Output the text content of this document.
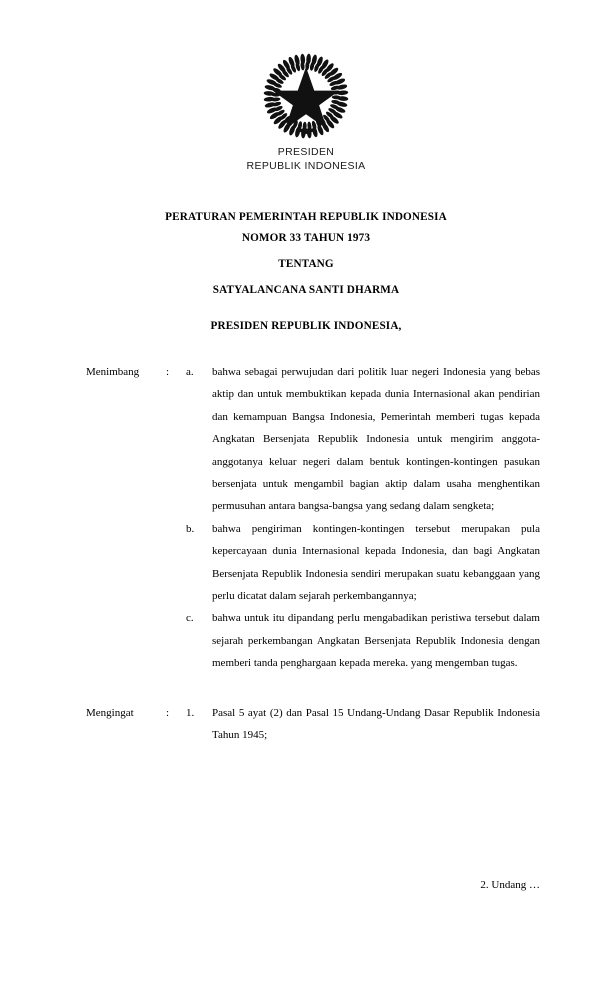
PRESIDEN
REPUBLIK INDONESIA
PERATURAN PEMERINTAH REPUBLIK INDONESIA
NOMOR 33 TAHUN 1973
TENTANG
SATYALANCANA SANTI DHARMA
PRESIDEN REPUBLIK INDONESIA,
Menimbang	:	a.	bahwa sebagai perwujudan dari politik luar negeri Indonesia yang bebas aktip dan untuk membuktikan kepada dunia Internasional akan pendirian dan kemampuan Bangsa Indonesia, Pemerintah memberi tugas kepada Angkatan Bersenjata Republik Indonesia untuk mengirim anggota-anggotanya keluar negeri dalam bentuk kontingen-kontingen pasukan bersenjata untuk mengambil bagian aktip dalam usaha menghentikan permusuhan antara bangsa-bangsa yang sedang dalam sengketa;
b.	bahwa pengiriman kontingen-kontingen tersebut merupakan pula kepercayaan dunia Internasional kepada Indonesia, dan bagi Angkatan Bersenjata Republik Indonesia sendiri merupakan suatu kebanggaan yang perlu dicatat dalam sejarah perkembangannya;
c.	bahwa untuk itu dipandang perlu mengabadikan peristiwa tersebut dalam sejarah perkembangan Angkatan Bersenjata Republik Indonesia dengan memberi tanda penghargaan kepada mereka. yang mengemban tugas.
Mengingat	:	1.	Pasal 5 ayat (2) dan Pasal 15 Undang-Undang Dasar Republik Indonesia Tahun 1945;
2. Undang …
